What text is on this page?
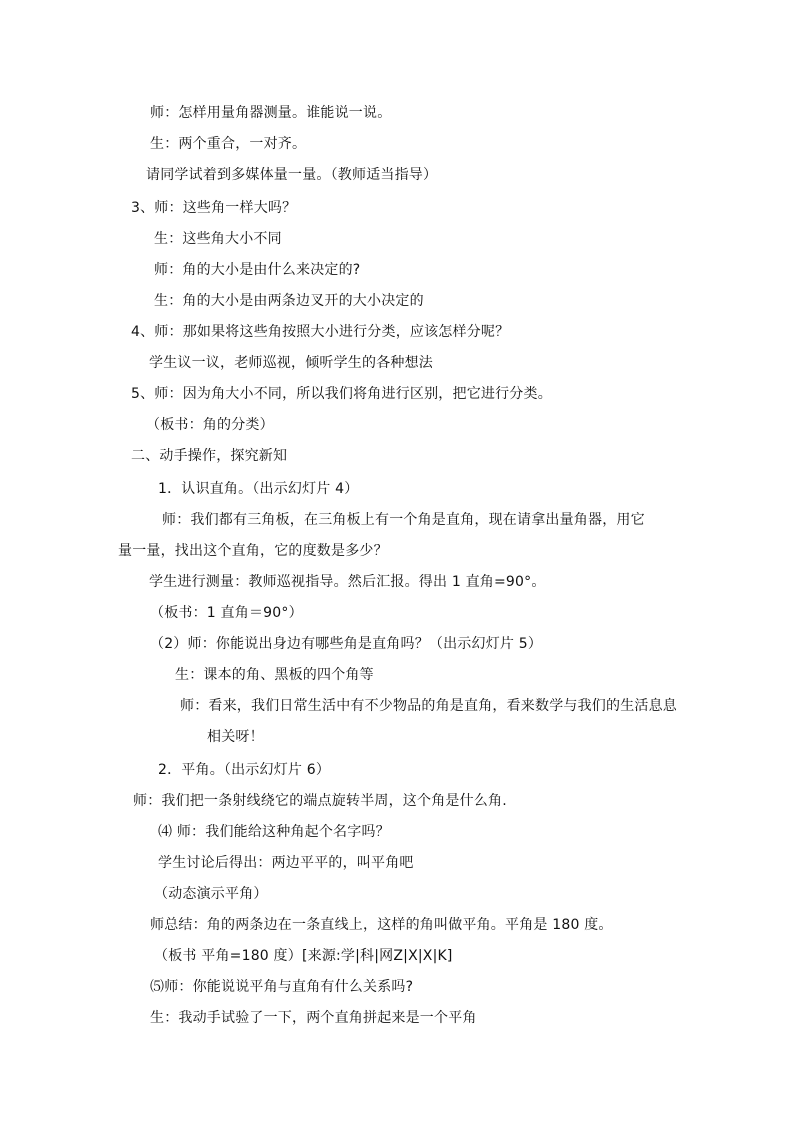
师：怎样用量角器测量。谁能说一说。
生：两个重合，一对齐。
请同学试着到多媒体量一量。（教师适当指导）
3、师：这些角一样大吗？
生：这些角大小不同
师：角的大小是由什么来决定的?
生：角的大小是由两条边叉开的大小决定的
4、师：那如果将这些角按照大小进行分类，应该怎样分呢？
学生议一议，老师巡视，倾听学生的各种想法
5、师：因为角大小不同，所以我们将角进行区别，把它进行分类。
（板书：角的分类）
二、动手操作，探究新知
1．认识直角。（出示幻灯片 4）
师：我们都有三角板，在三角板上有一个角是直角，现在请拿出量角器，用它
量一量，找出这个直角，它的度数是多少？
学生进行测量：教师巡视指导。然后汇报。得出 1 直角=90°。
（板书：1 直角＝90°）
（2）师：你能说出身边有哪些角是直角吗？（出示幻灯片 5）
生：课本的角、黑板的四个角等
师：看来，我们日常生活中有不少物品的角是直角，看来数学与我们的生活息息
相关呀！
2．平角。（出示幻灯片 6）
师：我们把一条射线绕它的端点旋转半周，这个角是什么角.
⑷ 师：我们能给这种角起个名字吗？
学生讨论后得出：两边平平的，叫平角吧
（动态演示平角）
师总结：角的两条边在一条直线上，这样的角叫做平角。平角是 180 度。
（板书 平角=180 度）[来源:学|科|网Z|X|X|K]
⑸师：你能说说平角与直角有什么关系吗?
生：我动手试验了一下，两个直角拼起来是一个平角
